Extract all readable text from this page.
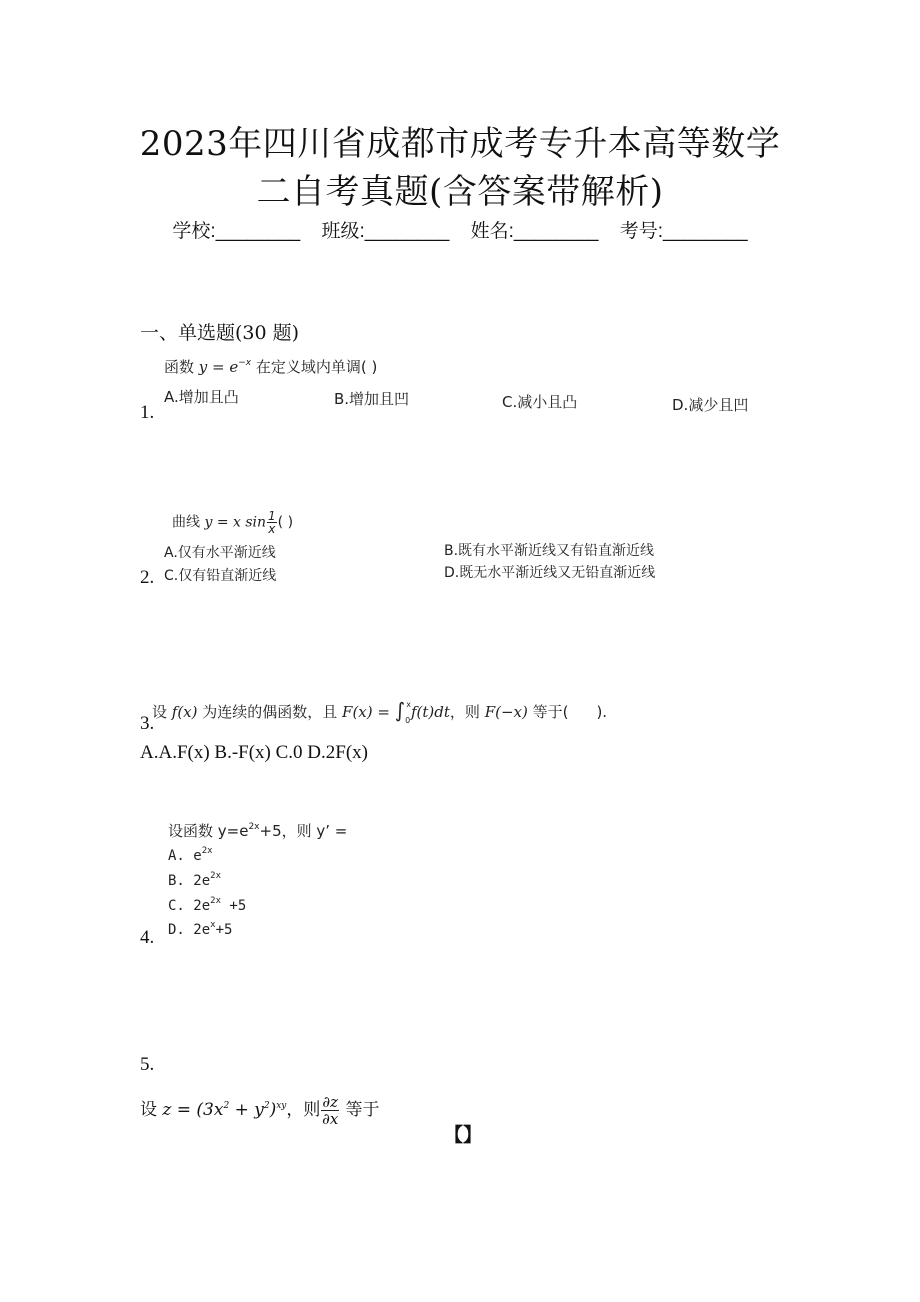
2023年四川省成都市成考专升本高等数学
二自考真题(含答案带解析)
学校:________ 班级:________ 姓名:________ 考号:________
一、单选题(30 题)
函数 $y = e^{-x}$ 在定义域内单调( )
A.增加且凸	B.增加且凹	C.减小且凸	D.减少且凹
1.
曲线 y = x $\sin \frac{1}{x}$ ( )
A.仅有水平渐近线	B.既有水平渐近线又有铅直渐近线
C.仅有铅直渐近线	D.既无水平渐近线又无铅直渐近线
2.
设 f(x) 为连续的偶函数，且 $F(x) = \int_0^xf(t)dt$，则 F(−x) 等于( ).
3.
A.A.F(x) B.-F(x) C.0 D.2F(x)
设函数 $y=e^{2x}+5$，则 y’ =
A. $e^{2x}$
B. $2e^{2x}$
C. $2e^{2x} +5$
D. $2e^x+5$
4.
5.
设 $z = (3x^2 + y^2)^{xy}$，则 $\frac{\partial z}{\partial x}$ 等于
【】
